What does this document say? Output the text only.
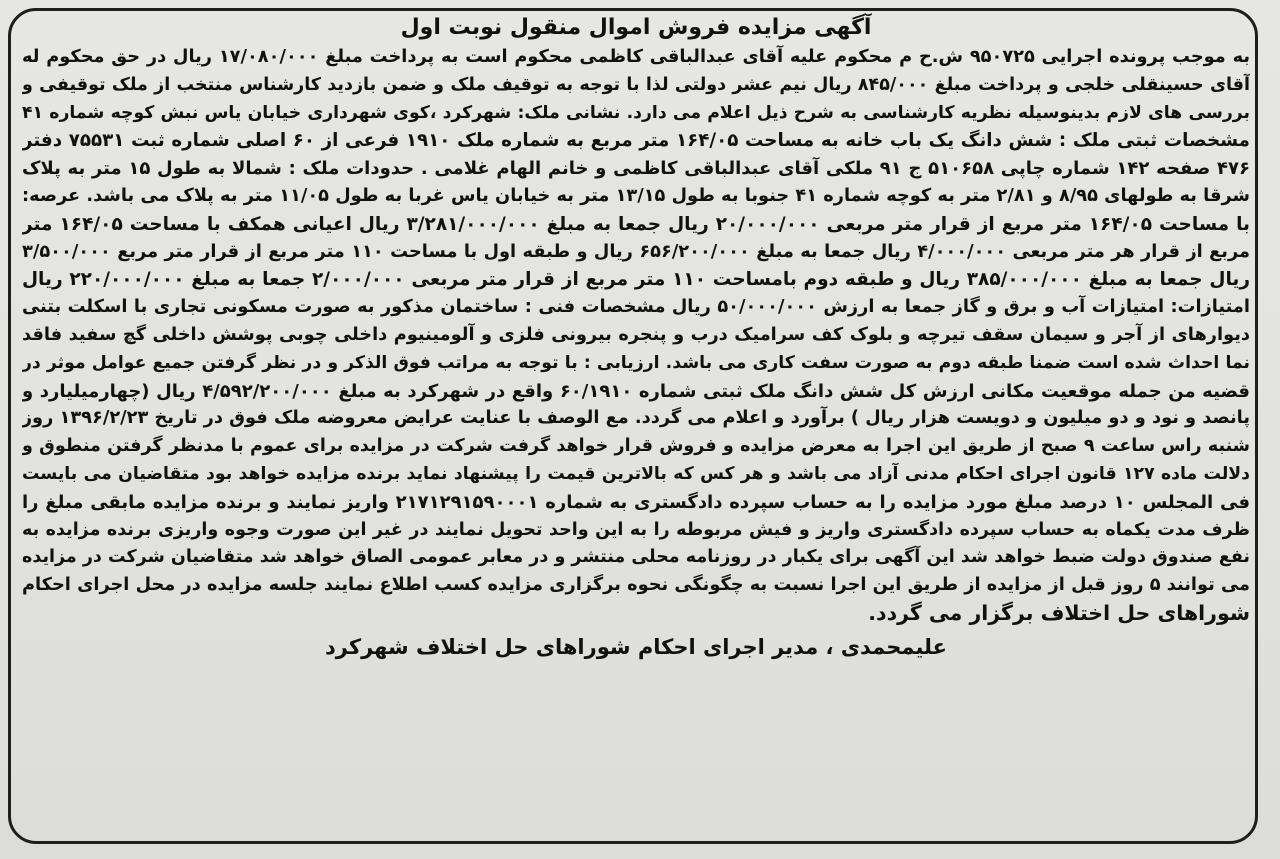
آگهی مزایده فروش اموال منقول نوبت اول
به موجب پرونده اجرایی ۹۵۰۷۲۵ ش.ح م محکوم علیه آقای عبدالباقی کاظمی محکوم است به پرداخت مبلغ ۱۷/۰۸۰/۰۰۰ ریال در حق محکوم له
آقای حسینقلی خلجی و پرداخت مبلغ ۸۴۵/۰۰۰ ریال نیم عشر دولتی لذا با توجه به توقیف ملک و ضمن بازدید کارشناس منتخب از ملک توقیفی و
بررسی های لازم بدینوسیله نظریه کارشناسی به شرح ذیل اعلام می دارد. نشانی ملک: شهرکرد ،کوی شهرداری خیابان یاس نبش کوچه شماره ۴۱
مشخصات ثبتی ملک : شش دانگ یک باب خانه به مساحت ۱۶۴/۰۵ متر مربع به شماره ملک ۱۹۱۰ فرعی از ۶۰ اصلی شماره ثبت ۷۵۵۳۱ دفتر
۴۷۶ صفحه ۱۴۲ شماره چاپی ۵۱۰۶۵۸ ج ۹۱ ملکی آقای عبدالباقی کاظمی و خانم الهام غلامی . حدودات ملک : شمالا به طول ۱۵ متر به پلاک
شرقا به طولهای ۸/۹۵ و ۲/۸۱ متر به کوچه شماره ۴۱ جنوبا به طول ۱۳/۱۵ متر به خیابان یاس غربا به طول ۱۱/۰۵ متر به پلاک می باشد. عرصه:
با مساحت ۱۶۴/۰۵ متر مربع از قرار متر مربعی ۲۰/۰۰۰/۰۰۰ ریال جمعا به مبلغ ۳/۲۸۱/۰۰۰/۰۰۰ ریال اعیانی همکف با مساحت ۱۶۴/۰۵ متر
مربع از قرار هر متر مربعی ۴/۰۰۰/۰۰۰ ریال جمعا به مبلغ ۶۵۶/۲۰۰/۰۰۰ ریال و طبقه اول با مساحت ۱۱۰ متر مربع از قرار متر مربع ۳/۵۰۰/۰۰۰
ریال جمعا به مبلغ ۳۸۵/۰۰۰/۰۰۰ ریال و طبقه دوم بامساحت ۱۱۰ متر مربع از قرار متر مربعی ۲/۰۰۰/۰۰۰ جمعا به مبلغ ۲۲۰/۰۰۰/۰۰۰ ریال
امتیازات: امتیازات آب و برق و گاز جمعا به ارزش ۵۰/۰۰۰/۰۰۰ ریال مشخصات فنی : ساختمان مذکور به صورت مسکونی تجاری با اسکلت بتنی
دیوارهای از آجر و سیمان سقف تیرچه و بلوک کف سرامیک درب و پنجره بیرونی فلزی و آلومینیوم داخلی چوبی پوشش داخلی گچ سفید فاقد
نما احداث شده است ضمنا طبقه دوم به صورت سفت کاری می باشد. ارزیابی : با توجه به مراتب فوق الذکر و در نظر گرفتن جمیع عوامل موثر در
قضیه من جمله موقعیت مکانی ارزش کل شش دانگ ملک ثبتی شماره ۶۰/۱۹۱۰ واقع در شهرکرد به مبلغ ۴/۵۹۲/۲۰۰/۰۰۰ ریال (چهارمیلیارد و
پانصد و نود و دو میلیون و دویست هزار ریال ) برآورد و اعلام می گردد. مع الوصف با عنایت عرایض معروضه ملک فوق در تاریخ ۱۳۹۶/۲/۲۳ روز
شنبه راس ساعت ۹ صبح از طریق این اجرا به معرض مزایده و فروش قرار خواهد گرفت شرکت در مزایده برای عموم با مدنظر گرفتن منطوق و
دلالت ماده ۱۲۷ قانون اجرای احکام مدنی آزاد می باشد و هر کس که بالاترین قیمت را پیشنهاد نماید برنده مزایده خواهد بود متقاضیان می بایست
فی المجلس ۱۰ درصد مبلغ مورد مزایده را به حساب سپرده دادگستری به شماره ۲۱۷۱۲۹۱۵۹۰۰۰۱ واریز نمایند و برنده مزایده مابقی مبلغ را
ظرف مدت یکماه به حساب سپرده دادگستری واریز و فیش مربوطه را به این واحد تحویل نمایند در غیر این صورت وجوه واریزی برنده مزایده به
نفع صندوق دولت ضبط خواهد شد این آگهی برای یکبار در روزنامه محلی منتشر و در معابر عمومی الصاق خواهد شد متقاضیان شرکت در مزایده
می توانند ۵ روز قبل از مزایده از طریق این اجرا نسبت به چگونگی نحوه برگزاری مزایده کسب اطلاع نمایند جلسه مزایده در محل اجرای احکام
شوراهای حل اختلاف برگزار می گردد.
علیمحمدی ، مدیر اجرای احکام شوراهای حل اختلاف شهرکرد
